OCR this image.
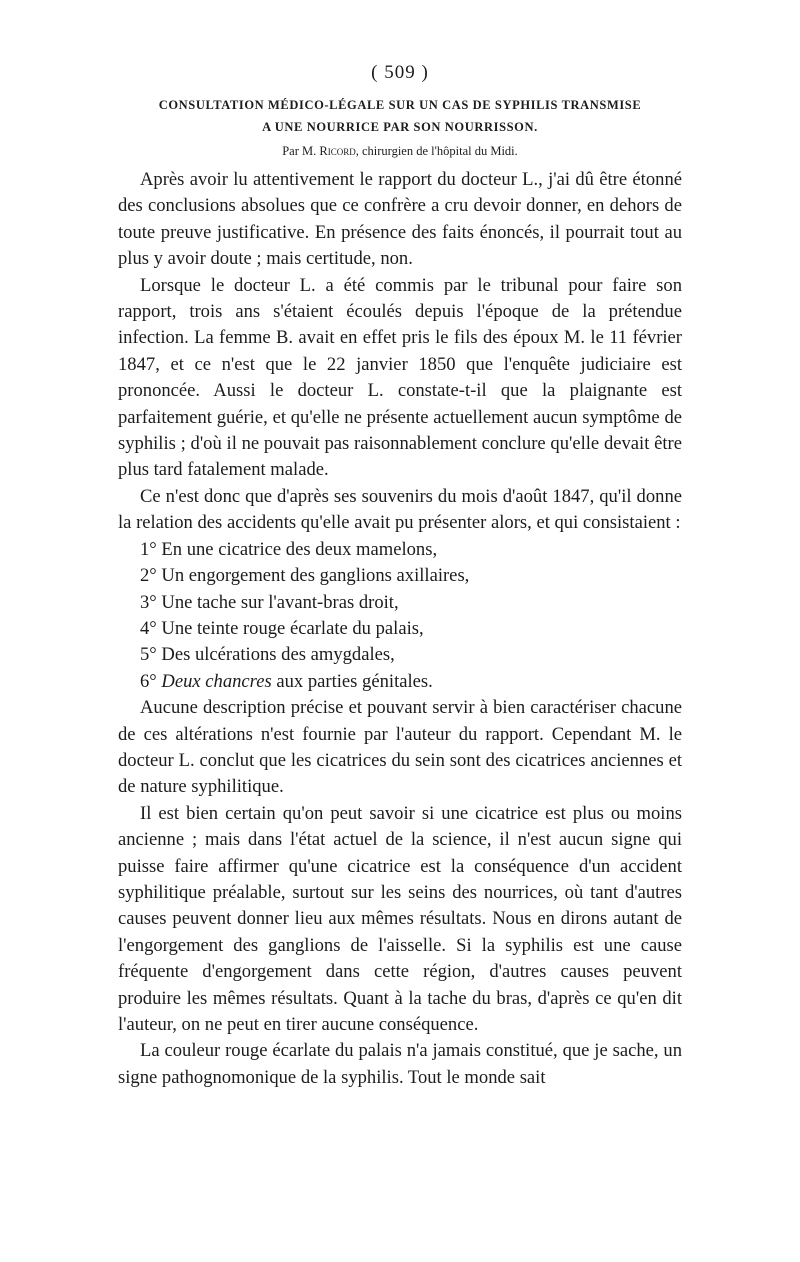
( 509 )
CONSULTATION MÉDICO-LÉGALE SUR UN CAS DE SYPHILIS TRANSMISE
A UNE NOURRICE PAR SON NOURRISSON.
Par M. Ricord, chirurgien de l'hôpital du Midi.

Après avoir lu attentivement le rapport du docteur L., j'ai dû être étonné des conclusions absolues que ce confrère a cru devoir donner, en dehors de toute preuve justificative. En présence des faits énoncés, il pourrait tout au plus y avoir doute ; mais certitude, non.

Lorsque le docteur L. a été commis par le tribunal pour faire son rapport, trois ans s'étaient écoulés depuis l'époque de la prétendue infection. La femme B. avait en effet pris le fils des époux M. le 11 février 1847, et ce n'est que le 22 janvier 1850 que l'enquête judiciaire est prononcée. Aussi le docteur L. constate-t-il que la plaignante est parfaitement guérie, et qu'elle ne présente actuellement aucun symptôme de syphilis ; d'où il ne pouvait pas raisonnablement conclure qu'elle devait être plus tard fatalement malade.

Ce n'est donc que d'après ses souvenirs du mois d'août 1847, qu'il donne la relation des accidents qu'elle avait pu présenter alors, et qui consistaient :

1° En une cicatrice des deux mamelons,
2° Un engorgement des ganglions axillaires,
3° Une tache sur l'avant-bras droit,
4° Une teinte rouge écarlate du palais,
5° Des ulcérations des amygdales,
6° Deux chancres aux parties génitales.

Aucune description précise et pouvant servir à bien caractériser chacune de ces altérations n'est fournie par l'auteur du rapport. Cependant M. le docteur L. conclut que les cicatrices du sein sont des cicatrices anciennes et de nature syphilitique.

Il est bien certain qu'on peut savoir si une cicatrice est plus ou moins ancienne ; mais dans l'état actuel de la science, il n'est aucun signe qui puisse faire affirmer qu'une cicatrice est la conséquence d'un accident syphilitique préalable, surtout sur les seins des nourrices, où tant d'autres causes peuvent donner lieu aux mêmes résultats. Nous en dirons autant de l'engorgement des ganglions de l'aisselle. Si la syphilis est une cause fréquente d'engorgement dans cette région, d'autres causes peuvent produire les mêmes résultats. Quant à la tache du bras, d'après ce qu'en dit l'auteur, on ne peut en tirer aucune conséquence.

La couleur rouge écarlate du palais n'a jamais constitué, que je sache, un signe pathognomonique de la syphilis. Tout le monde sait
